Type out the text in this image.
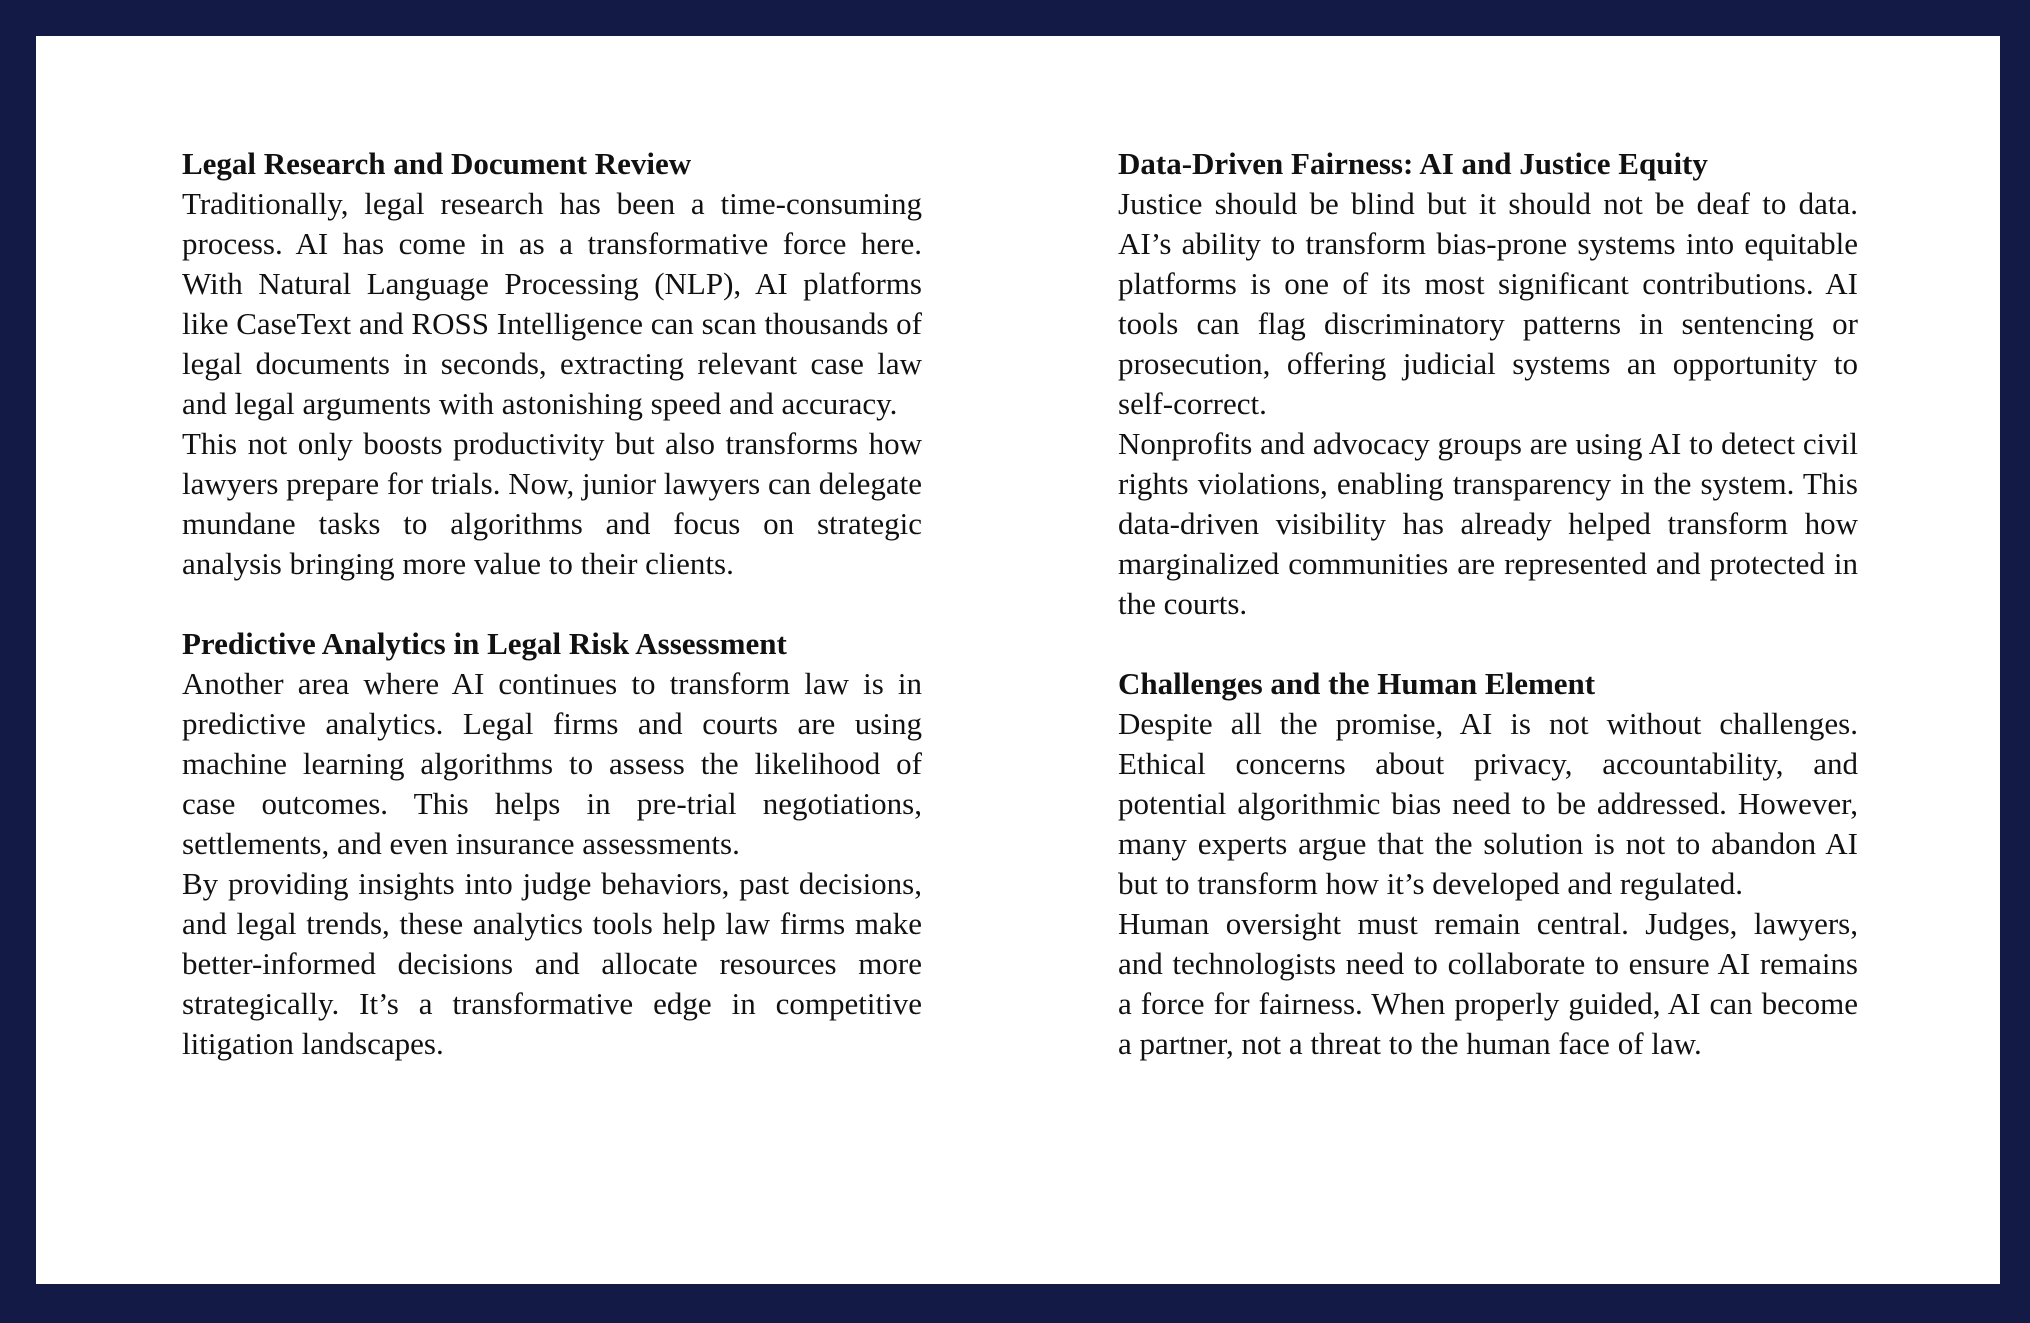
Legal Research and Document Review

Traditionally, legal research has been a time-consuming process. AI has come in as a transformative force here. With Natural Language Processing (NLP), AI platforms like CaseText and ROSS Intelligence can scan thousands of legal documents in seconds, extracting relevant case law and legal arguments with astonishing speed and accuracy.

This not only boosts productivity but also transforms how lawyers prepare for trials. Now, junior lawyers can delegate mundane tasks to algorithms and focus on strategic analysis bringing more value to their clients.

Predictive Analytics in Legal Risk Assessment

Another area where AI continues to transform law is in predictive analytics. Legal firms and courts are using machine learning algorithms to assess the likelihood of case outcomes. This helps in pre-trial negotiations, settlements, and even insurance assessments.

By providing insights into judge behaviors, past decisions, and legal trends, these analytics tools help law firms make better-informed decisions and allocate resources more strategically. It’s a transformative edge in competitive litigation landscapes.

Data-Driven Fairness: AI and Justice Equity

Justice should be blind but it should not be deaf to data. AI’s ability to transform bias-prone systems into equitable platforms is one of its most significant contributions. AI tools can flag discriminatory patterns in sentencing or prosecution, offering judicial systems an opportunity to self-correct.

Nonprofits and advocacy groups are using AI to detect civil rights violations, enabling transparency in the system. This data-driven visibility has already helped transform how marginalized communities are represented and protected in the courts.

Challenges and the Human Element

Despite all the promise, AI is not without challenges. Ethical concerns about privacy, accountability, and potential algorithmic bias need to be addressed. However, many experts argue that the solution is not to abandon AI but to transform how it’s developed and regulated.

Human oversight must remain central. Judges, lawyers, and technologists need to collaborate to ensure AI remains a force for fairness. When properly guided, AI can become a partner, not a threat to the human face of law.
